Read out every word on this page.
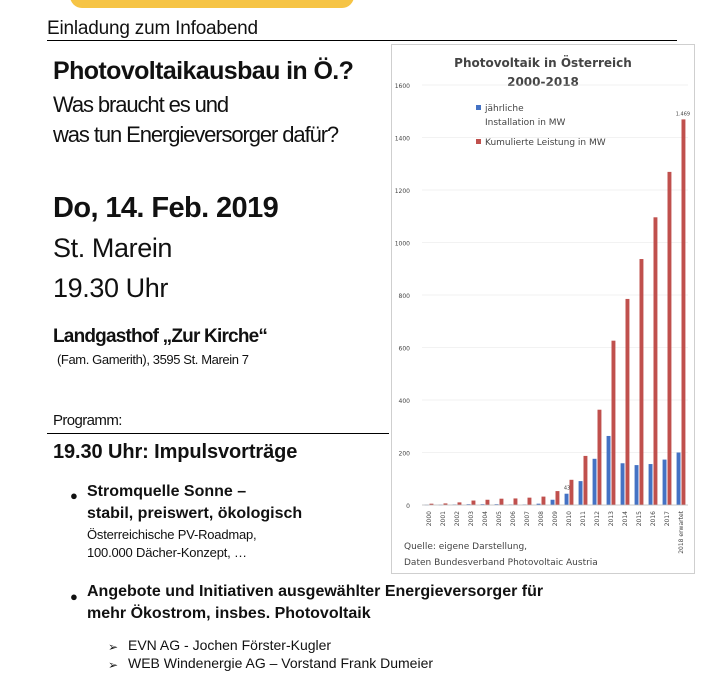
Einladung zum Infoabend
Photovoltaikausbau in Ö.?
Was braucht es und
was tun Energieversorger dafür?
Do, 14. Feb. 2019
St. Marein
19.30 Uhr
Landgasthof „Zur Kirche“
(Fam. Gamerith), 3595 St. Marein 7
Programm:
19.30 Uhr: Impulsvorträge
● Stromquelle Sonne –
stabil, preiswert, ökologisch
Österreichische PV-Roadmap,
100.000 Dächer-Konzept, …
● Angebote und Initiativen ausgewählter Energieversorger für
mehr Ökostrom, insbes. Photovoltaik
➢ EVN AG - Jochen Förster-Kugler
➢ WEB Windenergie AG – Vorstand Frank Dumeier
Photovoltaik in Österreich
2000-2018
jährliche
Installation in MW
Kumulierte Leistung in MW
0
200
400
600
800
1000
1200
1400
1600
2000 2001 2002 2003 2004 2005 2006 2007 2008 2009 2010 2011 2012 2013 2014 2015 2016 2017 2018 erwartet
43
1.469
Quelle: eigene Darstellung,
Daten Bundesverband Photovoltaic Austria
